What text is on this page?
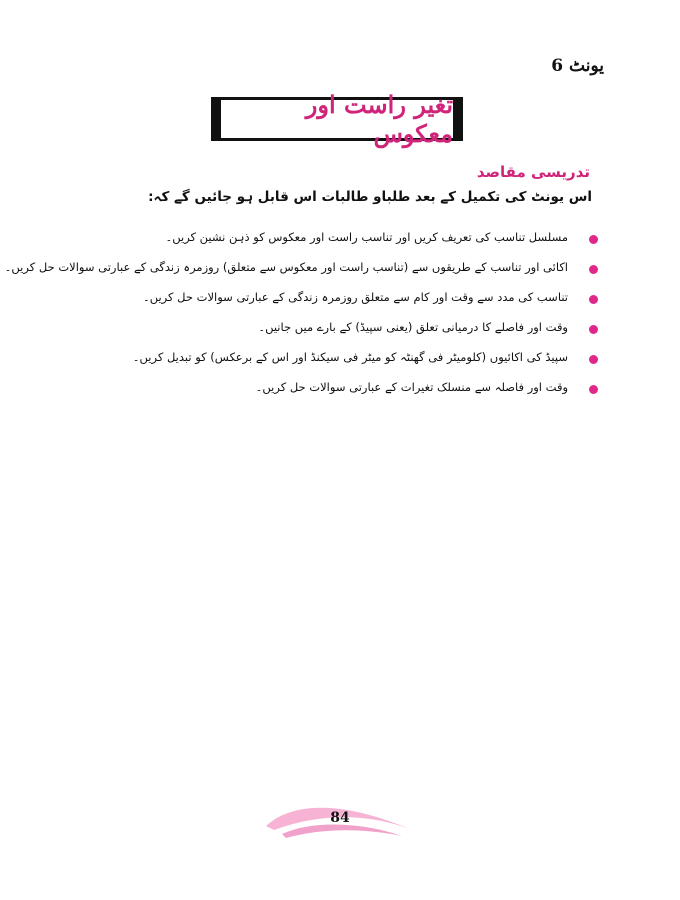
یونٹ 6
تغیر راست اور معکوس
تدریسی مقاصد
اس یونٹ کی تکمیل کے بعد طلباو طالبات اس قابل ہو جائیں گے کہ:
مسلسل تناسب کی تعریف کریں اور تناسب راست اور معکوس کو ذہن نشین کریں۔
اکائی اور تناسب کے طریقوں سے (تناسب راست اور معکوس سے متعلق) روزمرہ زندگی کے عبارتی سوالات حل کریں۔
تناسب کی مدد سے وقت اور کام سے متعلق روزمرہ زندگی کے عبارتی سوالات حل کریں۔
وقت اور فاصلے کا درمیانی تعلق (یعنی سپیڈ) کے بارے میں جانیں۔
سپیڈ کی اکائیوں (کلومیٹر فی گھنٹہ کو میٹر فی سیکنڈ اور اس کے برعکس) کو تبدیل کریں۔
وقت اور فاصلہ سے منسلک تغیرات کے عبارتی سوالات حل کریں۔
84
